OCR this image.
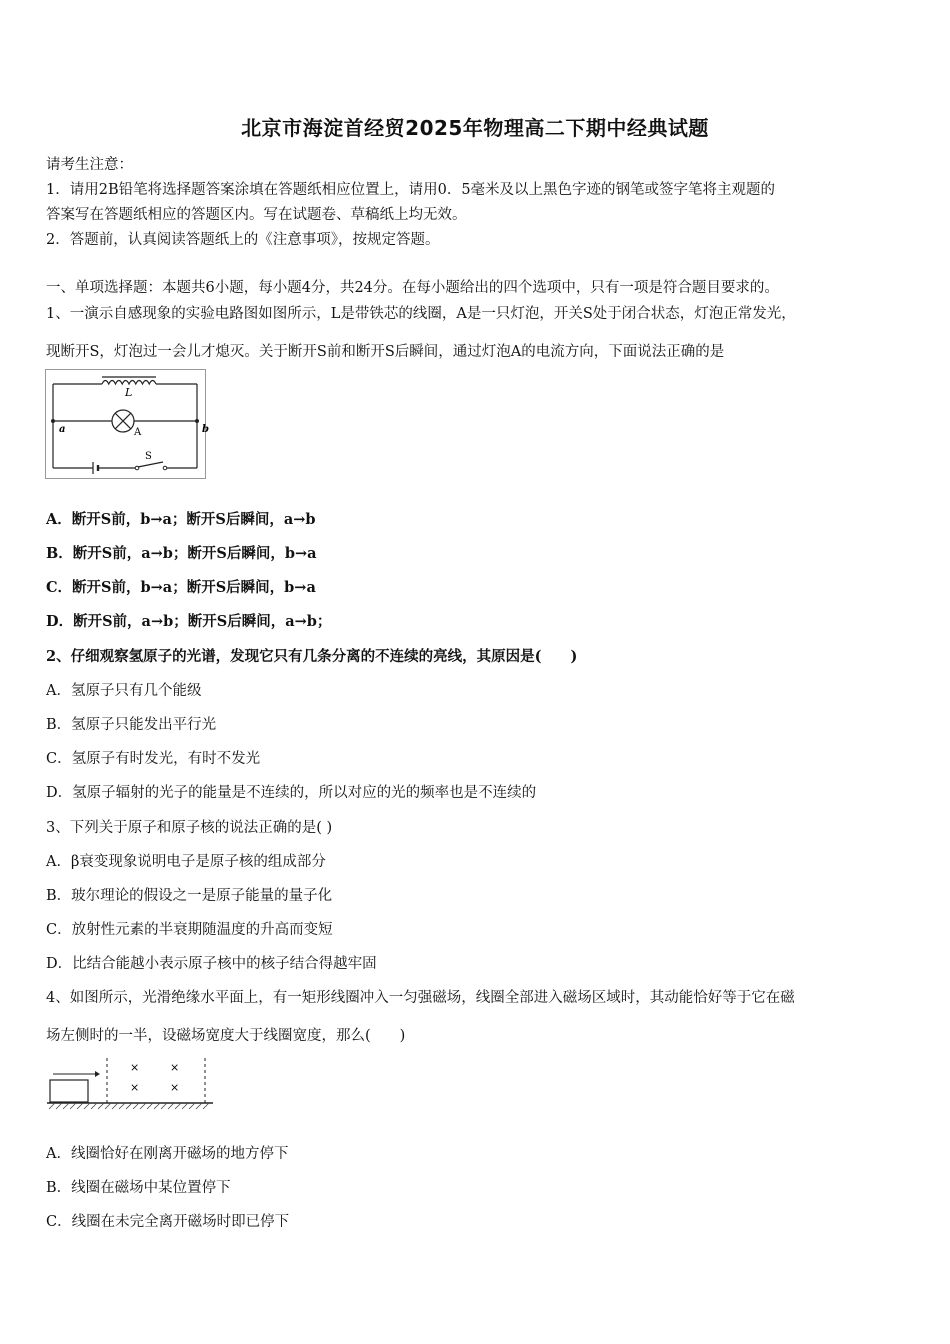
北京市海淀首经贸2025年物理高二下期中经典试题
请考生注意：
1．请用2B铅笔将选择题答案涂填在答题纸相应位置上，请用0．5毫米及以上黑色字迹的钢笔或签字笔将主观题的
答案写在答题纸相应的答题区内。写在试题卷、草稿纸上均无效。
2．答题前，认真阅读答题纸上的《注意事项》，按规定答题。
一、单项选择题：本题共6小题，每小题4分，共24分。在每小题给出的四个选项中，只有一项是符合题目要求的。
1、一演示自感现象的实验电路图如图所示，L是带铁芯的线圈，A是一只灯泡，开关S处于闭合状态，灯泡正常发光，
现断开S，灯泡过一会儿才熄灭。关于断开S前和断开S后瞬间，通过灯泡A的电流方向，下面说法正确的是
L
A
a	b
S
A．断开S前，b→a；断开S后瞬间，a→b
B．断开S前，a→b；断开S后瞬间，b→a
C．断开S前，b→a；断开S后瞬间，b→a
D．断开S前，a→b；断开S后瞬间，a→b；
2、仔细观察氢原子的光谱，发现它只有几条分离的不连续的亮线，其原因是(　　)
A．氢原子只有几个能级
B．氢原子只能发出平行光
C．氢原子有时发光，有时不发光
D．氢原子辐射的光子的能量是不连续的，所以对应的光的频率也是不连续的
3、下列关于原子和原子核的说法正确的是( )
A．β衰变现象说明电子是原子核的组成部分
B．玻尔理论的假设之一是原子能量的量子化
C．放射性元素的半衰期随温度的升高而变短
D．比结合能越小表示原子核中的核子结合得越牢固
4、如图所示，光滑绝缘水平面上，有一矩形线圈冲入一匀强磁场，线圈全部进入磁场区域时，其动能恰好等于它在磁
场左侧时的一半，设磁场宽度大于线圈宽度，那么(　　)
×	×
×	×
A．线圈恰好在刚离开磁场的地方停下
B．线圈在磁场中某位置停下
C．线圈在未完全离开磁场时即已停下
